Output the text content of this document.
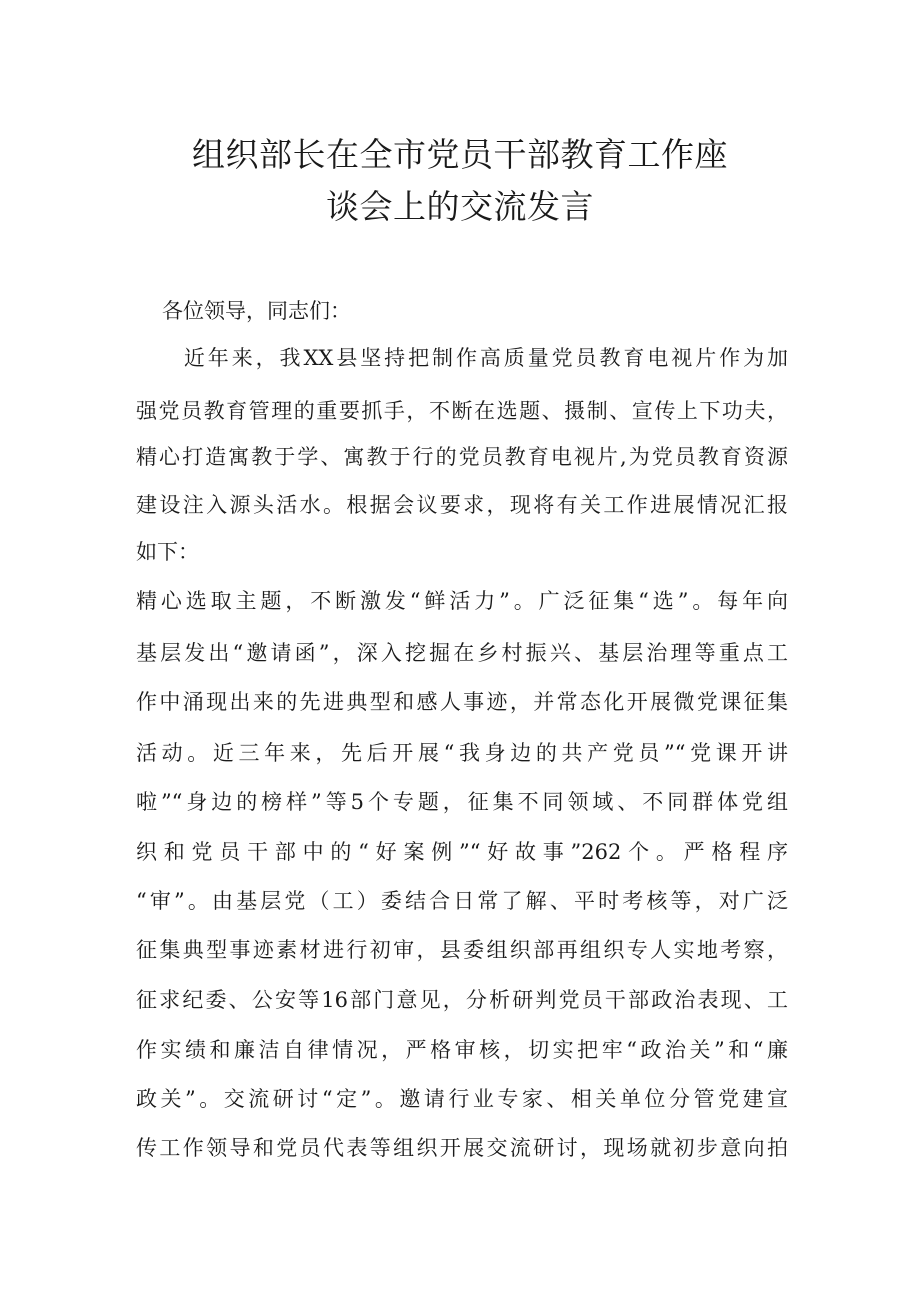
组织部长在全市党员干部教育工作座
谈会上的交流发言

各位领导，同志们：

　　近年来，我XX县坚持把制作高质量党员教育电视片作为加

强党员教育管理的重要抓手，不断在选题、摄制、宣传上下功夫，

精心打造寓教于学、寓教于行的党员教育电视片,为党员教育资源

建设注入源头活水。根据会议要求，现将有关工作进展情况汇报

如下：

精心选取主题，不断激发“鲜活力”。广泛征集“选”。每年向

基层发出“邀请函”，深入挖掘在乡村振兴、基层治理等重点工

作中涌现出来的先进典型和感人事迹，并常态化开展微党课征集

活动。近三年来，先后开展“我身边的共产党员”“党课开讲

啦”“身边的榜样”等5个专题，征集不同领域、不同群体党组

织和党员干部中的“好案例”“好故事”262个。严格程序

“审”。由基层党（工）委结合日常了解、平时考核等，对广泛

征集典型事迹素材进行初审，县委组织部再组织专人实地考察，

征求纪委、公安等16部门意见，分析研判党员干部政治表现、工

作实绩和廉洁自律情况，严格审核，切实把牢“政治关”和“廉

政关”。交流研讨“定”。邀请行业专家、相关单位分管党建宣

传工作领导和党员代表等组织开展交流研讨，现场就初步意向拍
